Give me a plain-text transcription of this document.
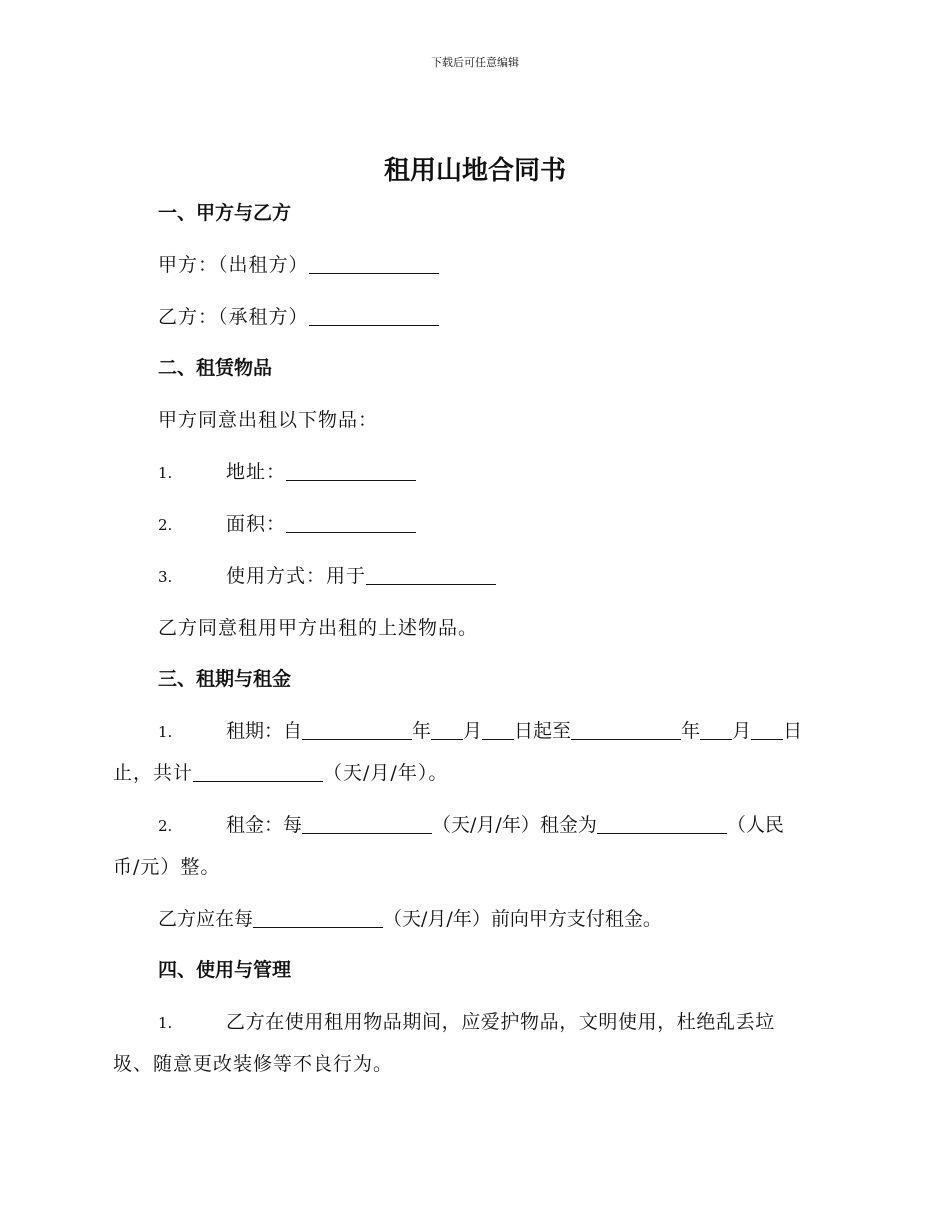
下载后可任意编辑
租用山地合同书
一、甲方与乙方
甲方：（出租方）
乙方：（承租方）
二、租赁物品
甲方同意出租以下物品：
1.	地址：
2.	面积：
3.	使用方式：用于
乙方同意租用甲方出租的上述物品。
三、租期与租金
1.	租期：自	年 月 日起至	年 月 日
止，共计	（天/月/年）。
2.	租金：每	（天/月/年）租金为	（人民
币/元）整。
乙方应在每	（天/月/年）前向甲方支付租金。
四、使用与管理
1.	乙方在使用租用物品期间，应爱护物品，文明使用，杜绝乱丢垃
圾、随意更改装修等不良行为。
